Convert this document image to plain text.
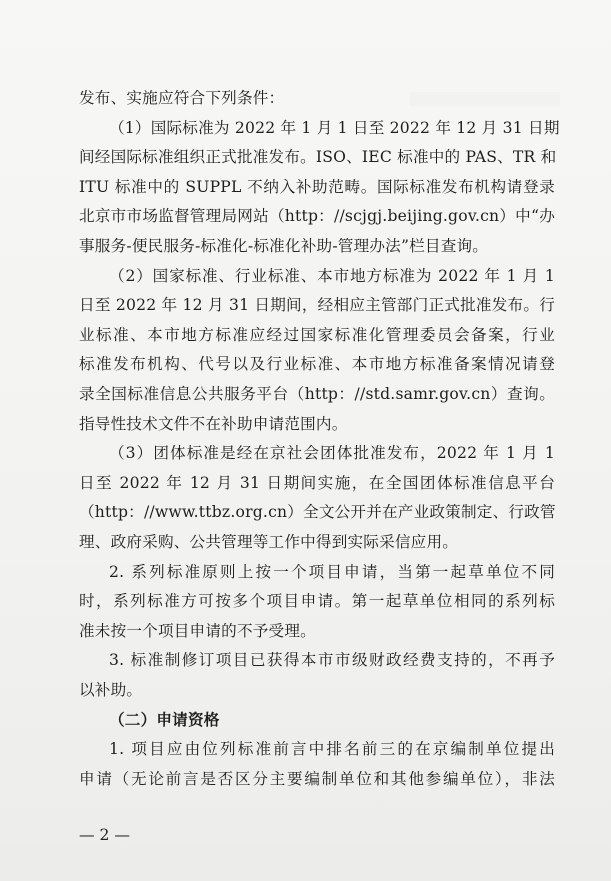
发布、实施应符合下列条件：
（1）国际标准为 2022 年 1 月 1 日至 2022 年 12 月 31 日期
间经国际标准组织正式批准发布。ISO、IEC 标准中的 PAS、TR 和
ITU 标准中的 SUPPL 不纳入补助范畴。国际标准发布机构请登录
北京市市场监督管理局网站（http：//scjgj.beijing.gov.cn）中“办
事服务-便民服务-标准化-标准化补助-管理办法”栏目查询。
（2）国家标准、行业标准、本市地方标准为 2022 年 1 月 1
日至 2022 年 12 月 31 日期间，经相应主管部门正式批准发布。行
业标准、本市地方标准应经过国家标准化管理委员会备案，行业
标准发布机构、代号以及行业标准、本市地方标准备案情况请登
录全国标准信息公共服务平台（http：//std.samr.gov.cn）查询。
指导性技术文件不在补助申请范围内。
（3）团体标准是经在京社会团体批准发布，2022 年 1 月 1
日至 2022 年 12 月 31 日期间实施，在全国团体标准信息平台
（http：//www.ttbz.org.cn）全文公开并在产业政策制定、行政管
理、政府采购、公共管理等工作中得到实际采信应用。
2. 系列标准原则上按一个项目申请，当第一起草单位不同
时，系列标准方可按多个项目申请。第一起草单位相同的系列标
准未按一个项目申请的不予受理。
3. 标准制修订项目已获得本市市级财政经费支持的，不再予
以补助。
（二）申请资格
1. 项目应由位列标准前言中排名前三的在京编制单位提出
申请（无论前言是否区分主要编制单位和其他参编单位），非法
— 2 —
